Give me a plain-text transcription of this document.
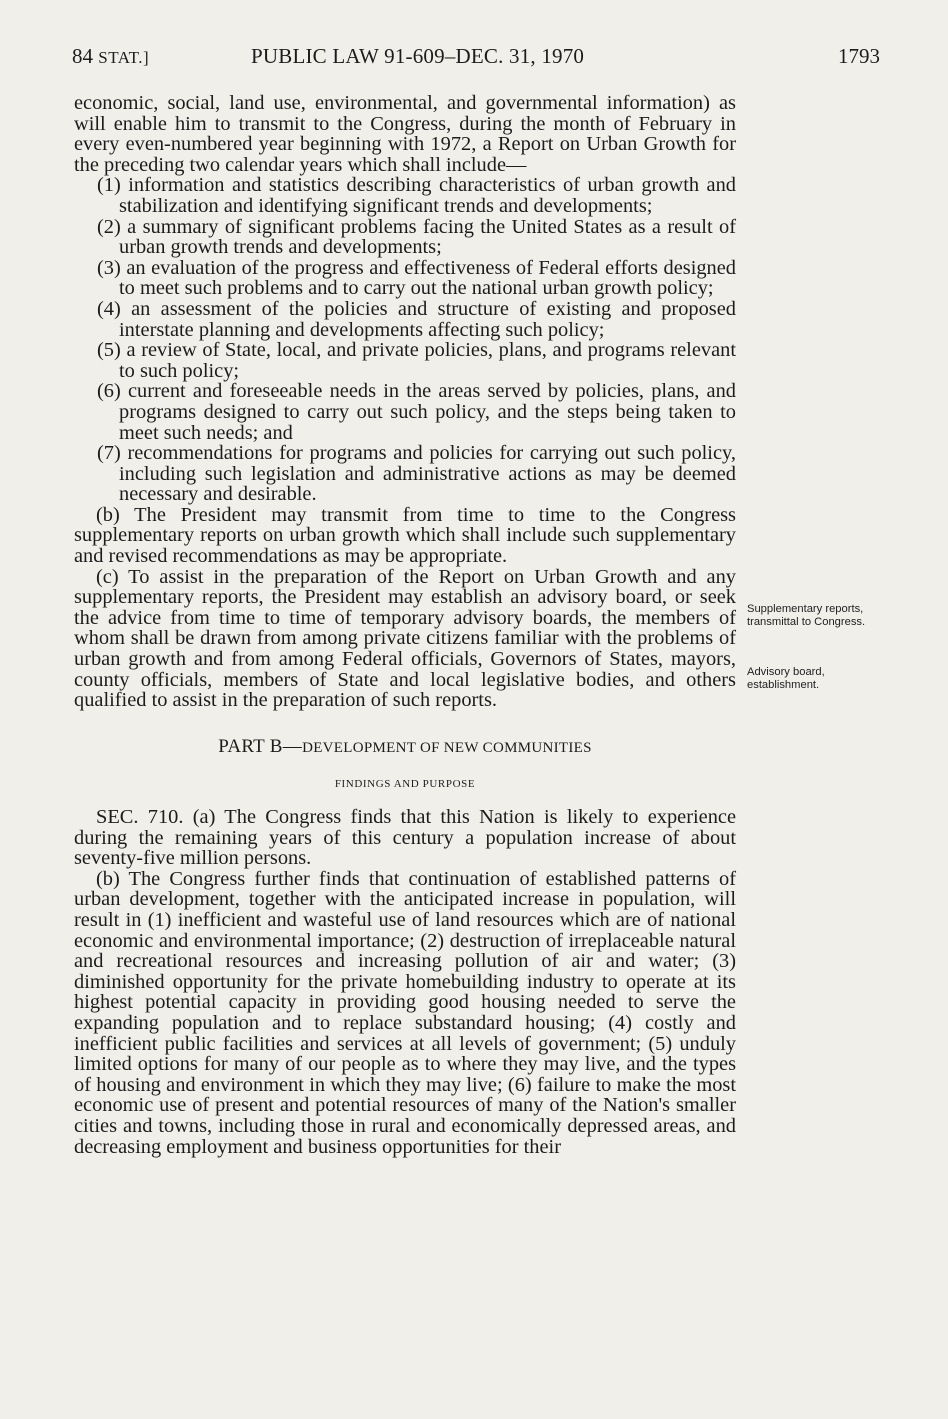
84 STAT.]	PUBLIC LAW 91-609–DEC. 31, 1970	1793

economic, social, land use, environmental, and governmental information) as will enable him to transmit to the Congress, during the month of February in every even-numbered year beginning with 1972, a Report on Urban Growth for the preceding two calendar years which shall include—

(1) information and statistics describing characteristics of urban growth and stabilization and identifying significant trends and developments;

(2) a summary of significant problems facing the United States as a result of urban growth trends and developments;

(3) an evaluation of the progress and effectiveness of Federal efforts designed to meet such problems and to carry out the national urban growth policy;

(4) an assessment of the policies and structure of existing and proposed interstate planning and developments affecting such policy;

(5) a review of State, local, and private policies, plans, and programs relevant to such policy;

(6) current and foreseeable needs in the areas served by policies, plans, and programs designed to carry out such policy, and the steps being taken to meet such needs; and

(7) recommendations for programs and policies for carrying out such policy, including such legislation and administrative actions as may be deemed necessary and desirable.

(b) The President may transmit from time to time to the Congress supplementary reports on urban growth which shall include such supplementary and revised recommendations as may be appropriate.

(c) To assist in the preparation of the Report on Urban Growth and any supplementary reports, the President may establish an advisory board, or seek the advice from time to time of temporary advisory boards, the members of whom shall be drawn from among private citizens familiar with the problems of urban growth and from among Federal officials, Governors of States, mayors, county officials, members of State and local legislative bodies, and others qualified to assist in the preparation of such reports.

PART B—DEVELOPMENT OF NEW COMMUNITIES

FINDINGS AND PURPOSE

SEC. 710. (a) The Congress finds that this Nation is likely to experience during the remaining years of this century a population increase of about seventy-five million persons.

(b) The Congress further finds that continuation of established patterns of urban development, together with the anticipated increase in population, will result in (1) inefficient and wasteful use of land resources which are of national economic and environmental importance; (2) destruction of irreplaceable natural and recreational resources and increasing pollution of air and water; (3) diminished opportunity for the private homebuilding industry to operate at its highest potential capacity in providing good housing needed to serve the expanding population and to replace substandard housing; (4) costly and inefficient public facilities and services at all levels of government; (5) unduly limited options for many of our people as to where they may live, and the types of housing and environment in which they may live; (6) failure to make the most economic use of present and potential resources of many of the Nation's smaller cities and towns, including those in rural and economically depressed areas, and decreasing employment and business opportunities for their

Supplementary reports, transmittal to Congress.
Advisory board, establishment.
